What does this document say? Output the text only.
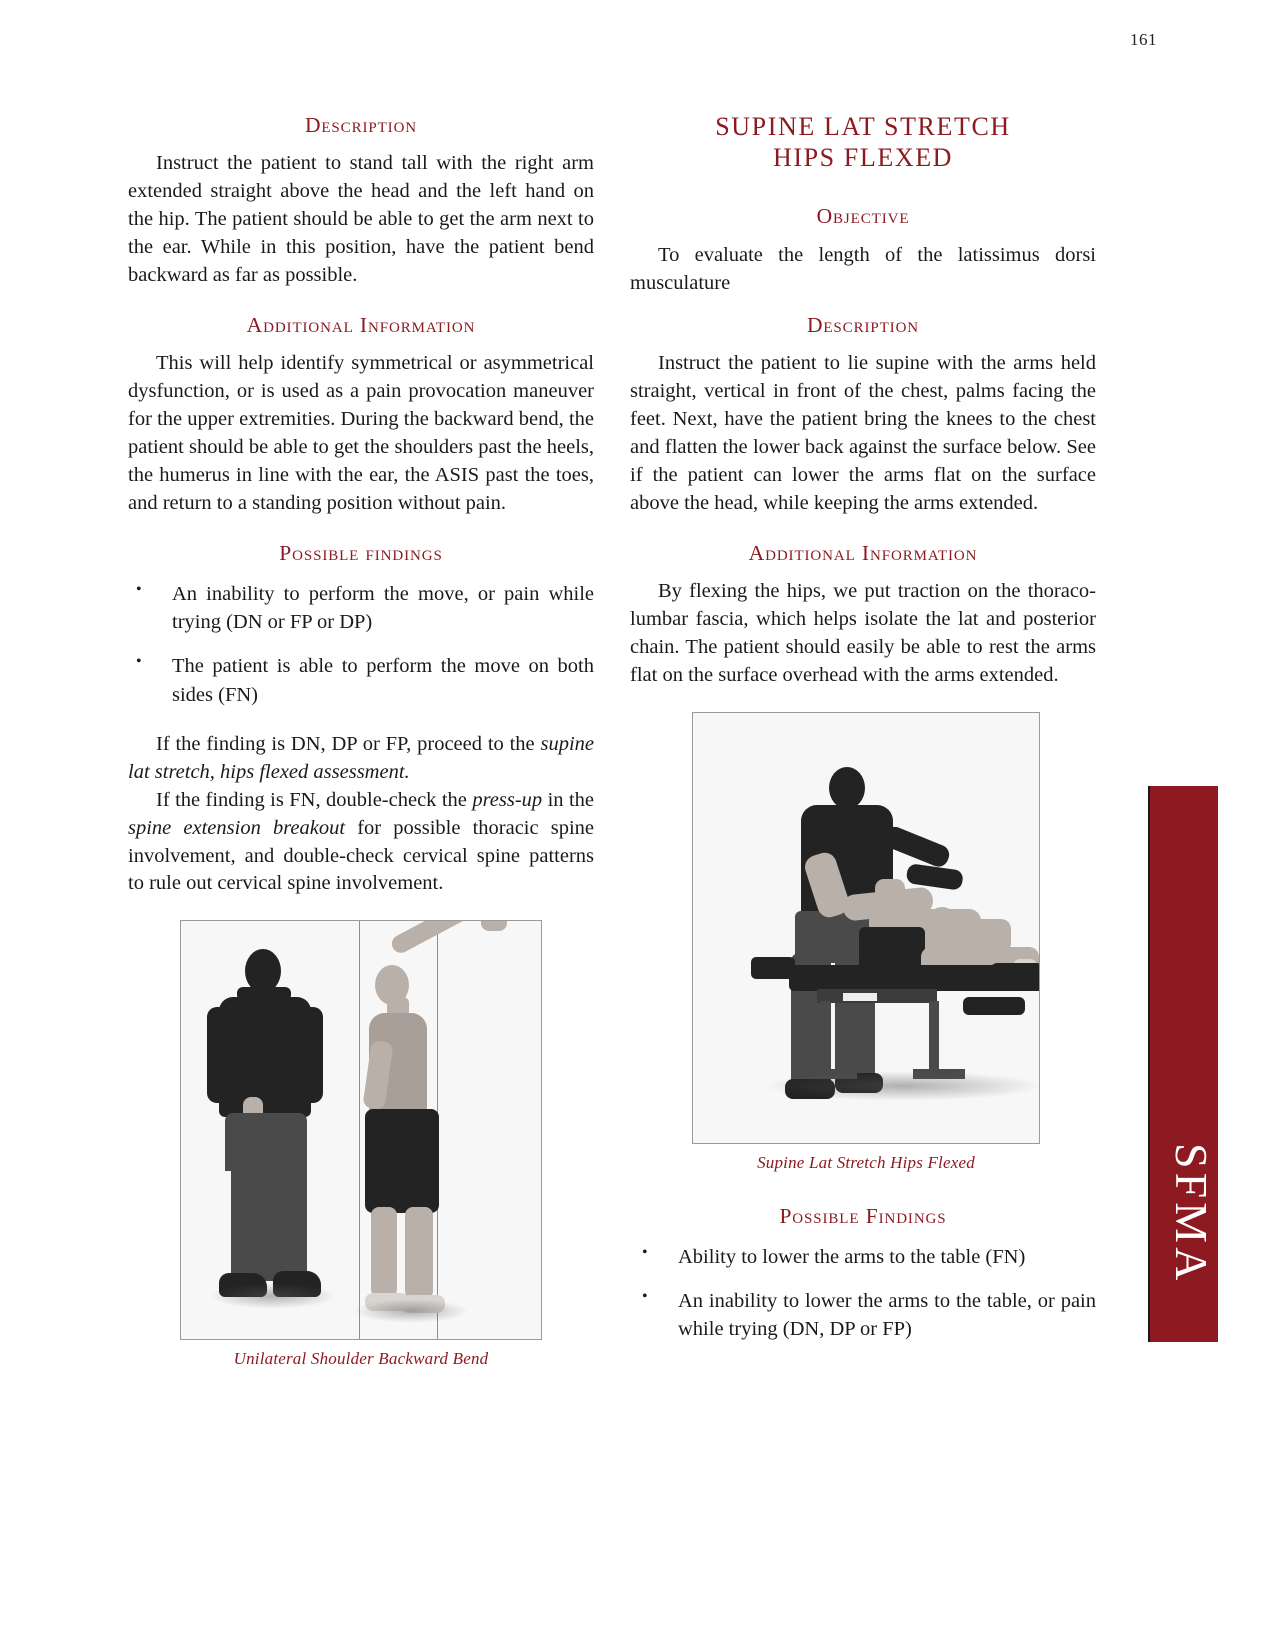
161
Description

Instruct the patient to stand tall with the right arm extended straight above the head and the left hand on the hip. The patient should be able to get the arm next to the ear. While in this position, have the patient bend backward as far as possible.

Additional Information

This will help identify symmetrical or asymmetrical dysfunction, or is used as a pain provocation maneuver for the upper extremities. During the backward bend, the patient should be able to get the shoulders past the heels, the humerus in line with the ear, the ASIS past the toes, and return to a standing position without pain.

Possible findings
• An inability to perform the move, or pain while trying (DN or FP or DP)
• The patient is able to perform the move on both sides (FN)

If the finding is DN, DP or FP, proceed to the supine lat stretch, hips flexed assessment.

If the finding is FN, double-check the press-up in the spine extension breakout for possible thoracic spine involvement, and double-check cervical spine patterns to rule out cervical spine involvement.

Unilateral Shoulder Backward Bend
SUPINE LAT STRETCH
HIPS FLEXED
Objective

To evaluate the length of the latissimus dorsi musculature

Description

Instruct the patient to lie supine with the arms held straight, vertical in front of the chest, palms facing the feet. Next, have the patient bring the knees to the chest and flatten the lower back against the surface below. See if the patient can lower the arms flat on the surface above the head, while keeping the arms extended.

Additional Information

By flexing the hips, we put traction on the thoraco-lumbar fascia, which helps isolate the lat and posterior chain. The patient should easily be able to rest the arms flat on the surface overhead with the arms extended.

Supine Lat Stretch Hips Flexed
Possible Findings
• Ability to lower the arms to the table (FN)
• An inability to lower the arms to the table, or pain while trying (DN, DP or FP)
SFMA
